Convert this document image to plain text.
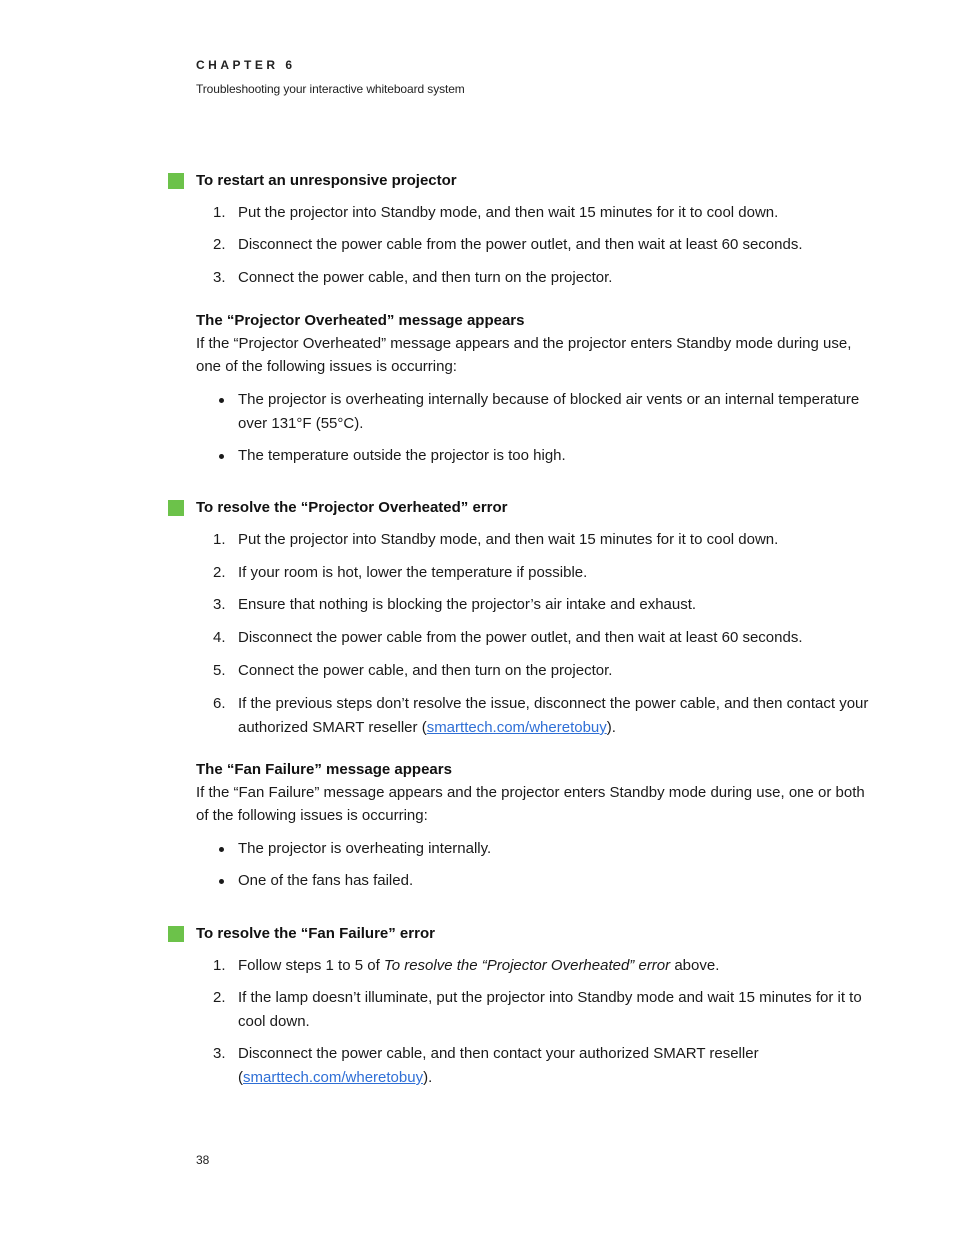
CHAPTER 6
Troubleshooting your interactive whiteboard system
To restart an unresponsive projector
1. Put the projector into Standby mode, and then wait 15 minutes for it to cool down.
2. Disconnect the power cable from the power outlet, and then wait at least 60 seconds.
3. Connect the power cable, and then turn on the projector.
The “Projector Overheated” message appears
If the “Projector Overheated” message appears and the projector enters Standby mode during use, one of the following issues is occurring:
The projector is overheating internally because of blocked air vents or an internal temperature over 131°F (55°C).
The temperature outside the projector is too high.
To resolve the “Projector Overheated” error
1. Put the projector into Standby mode, and then wait 15 minutes for it to cool down.
2. If your room is hot, lower the temperature if possible.
3. Ensure that nothing is blocking the projector’s air intake and exhaust.
4. Disconnect the power cable from the power outlet, and then wait at least 60 seconds.
5. Connect the power cable, and then turn on the projector.
6. If the previous steps don’t resolve the issue, disconnect the power cable, and then contact your authorized SMART reseller (smarttech.com/wheretobuy).
The “Fan Failure” message appears
If the “Fan Failure” message appears and the projector enters Standby mode during use, one or both of the following issues is occurring:
The projector is overheating internally.
One of the fans has failed.
To resolve the “Fan Failure” error
1. Follow steps 1 to 5 of To resolve the “Projector Overheated” error above.
2. If the lamp doesn’t illuminate, put the projector into Standby mode and wait 15 minutes for it to cool down.
3. Disconnect the power cable, and then contact your authorized SMART reseller (smarttech.com/wheretobuy).
38
